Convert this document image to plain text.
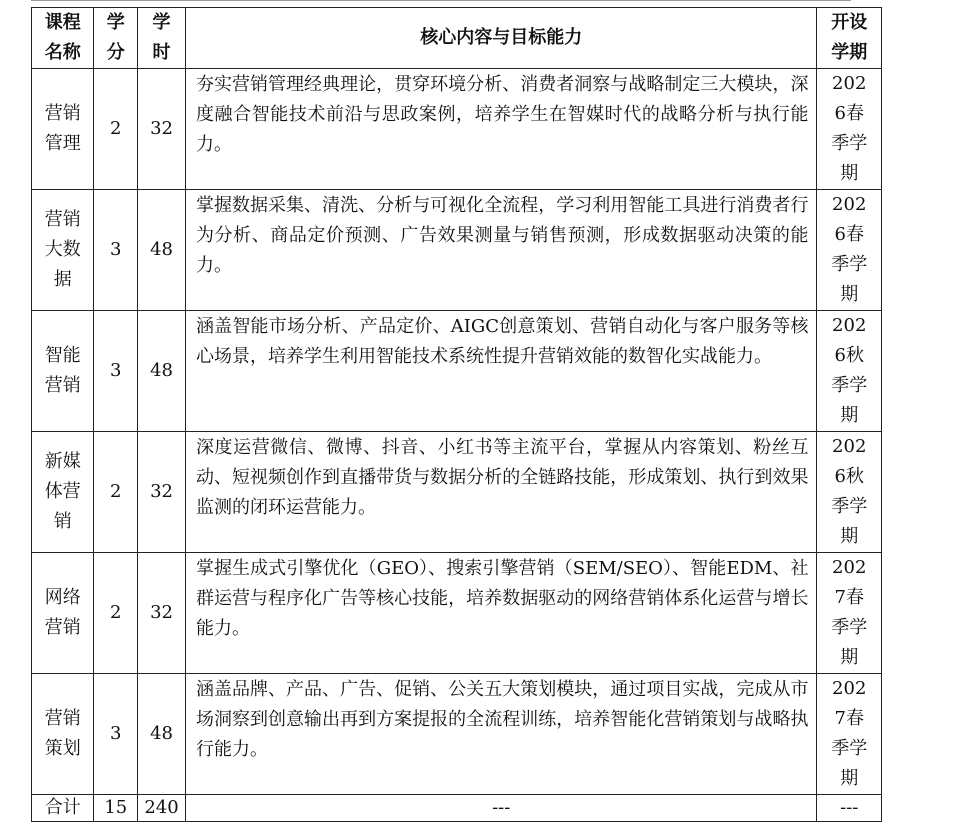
课程名称	学分	学时	核心内容与目标能力	开设学期
营销管理	2	32	夯实营销管理经典理论，贯穿环境分析、消费者洞察与战略制定三大模块，深度融合智能技术前沿与思政案例，培养学生在智媒时代的战略分析与执行能力。	2026春季学期
营销大数据	3	48	掌握数据采集、清洗、分析与可视化全流程，学习利用智能工具进行消费者行为分析、商品定价预测、广告效果测量与销售预测，形成数据驱动决策的能力。	2026春季学期
智能营销	3	48	涵盖智能市场分析、产品定价、AIGC创意策划、营销自动化与客户服务等核心场景，培养学生利用智能技术系统性提升营销效能的数智化实战能力。	2026秋季学期
新媒体营销	2	32	深度运营微信、微博、抖音、小红书等主流平台，掌握从内容策划、粉丝互动、短视频创作到直播带货与数据分析的全链路技能，形成策划、执行到效果监测的闭环运营能力。	2026秋季学期
网络营销	2	32	掌握生成式引擎优化（GEO）、搜索引擎营销（SEM/SEO）、智能EDM、社群运营与程序化广告等核心技能，培养数据驱动的网络营销体系化运营与增长能力。	2027春季学期
营销策划	3	48	涵盖品牌、产品、广告、促销、公关五大策划模块，通过项目实战，完成从市场洞察到创意输出再到方案提报的全流程训练，培养智能化营销策划与战略执行能力。	2027春季学期
合计	15	240	---	---
